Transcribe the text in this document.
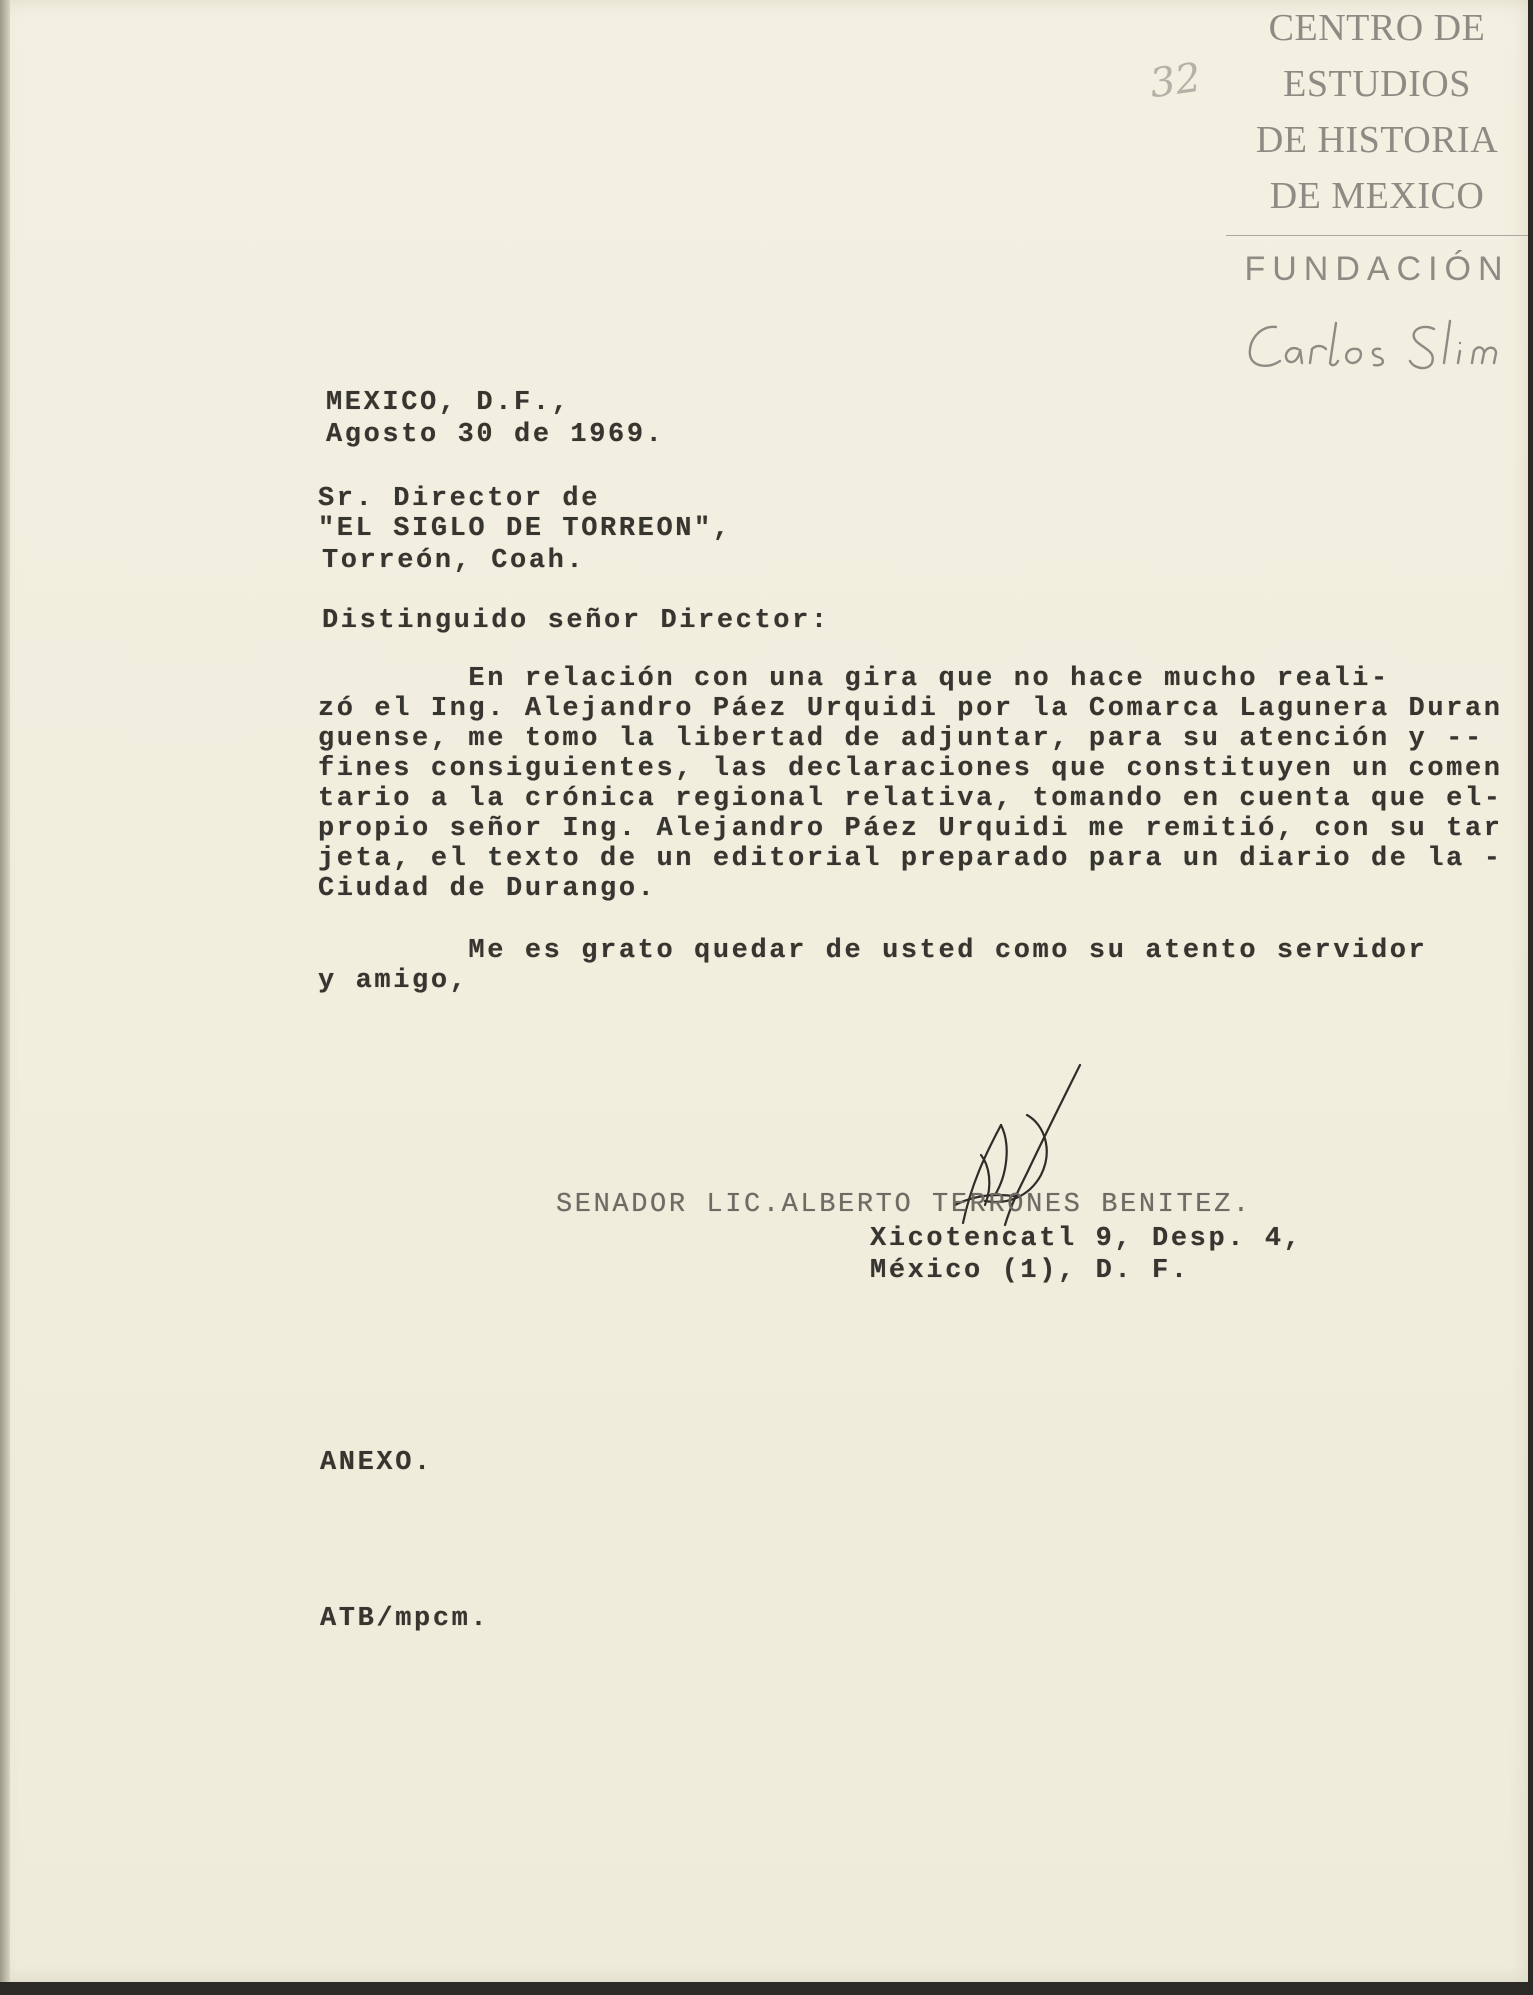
CENTRO DE
ESTUDIOS
DE HISTORIA
DE MEXICO
FUNDACIÓN
32
MEXICO, D.F.,
Agosto 30 de 1969.
Sr. Director de
"EL SIGLO DE TORREON",
Torreón, Coah.
Distinguido señor Director:

En relación con una gira que no hace mucho reali-

zó el Ing. Alejandro Páez Urquidi por la Comarca Lagunera Duran

guense, me tomo la libertad de adjuntar, para su atención y --

fines consiguientes, las declaraciones que constituyen un comen

tario a la crónica regional relativa, tomando en cuenta que el-

propio señor Ing. Alejandro Páez Urquidi me remitió, con su tar

jeta, el texto de un editorial preparado para un diario de la -

Ciudad de Durango.

Me es grato quedar de usted como su atento servidor
y amigo,
SENADOR LIC.ALBERTO TERRONES BENITEZ.
Xicotencatl 9, Desp. 4,
México (1), D. F.
ANEXO.
ATB/mpcm.
